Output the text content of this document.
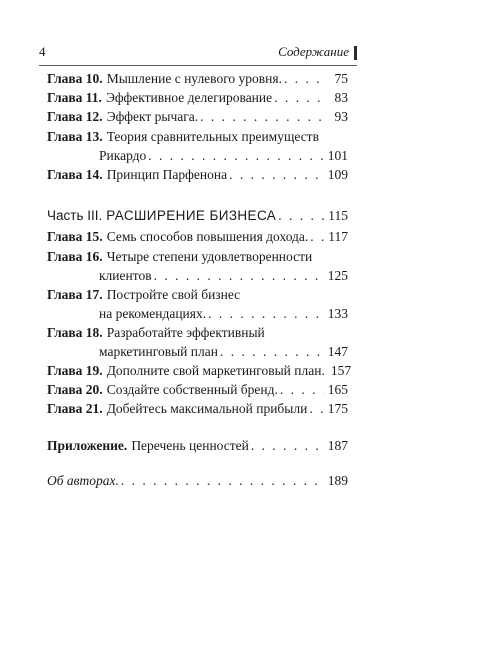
4	Содержание
Глава 10. Мышление с нулевого уровня. . . .	75
Глава 11. Эффективное делегирование . . .	83
Глава 12. Эффект рычага. . . .	93
Глава 13. Теория сравнительных преимуществ
Рикардо . . .	101
Глава 14. Принцип Парфенона . . .	109
Часть III. РАСШИРЕНИЕ БИЗНЕСА . . .	115
Глава 15. Семь способов повышения дохода. . . . 117
Глава 16. Четыре степени удовлетворенности
клиентов . . .	125
Глава 17. Постройте свой бизнес
на рекомендациях. . . .	133
Глава 18. Разработайте эффективный
маркетинговый план . . .	147
Глава 19. Дополните свой маркетинговый план. 157
Глава 20. Создайте собственный бренд. . . .	165
Глава 21. Добейтесь максимальной прибыли . . . 175
Приложение. Перечень ценностей . . .	187
Об авторах. . . .	189
